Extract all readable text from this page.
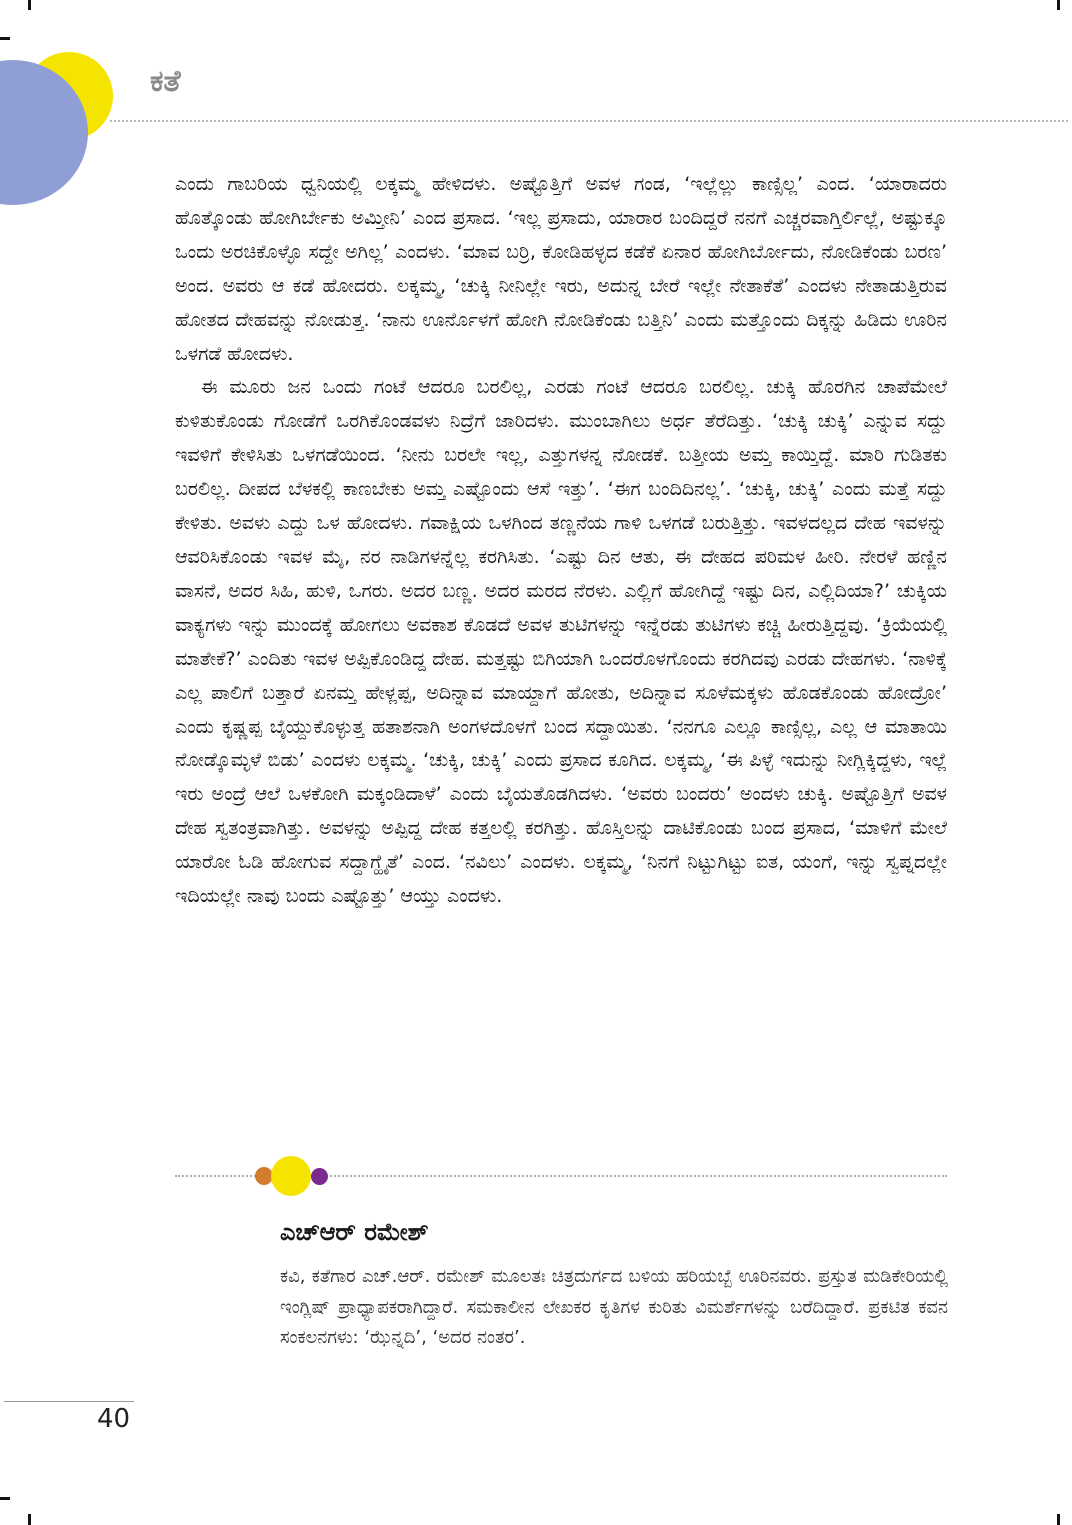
ಕತೆ

ಎಂದು ಗಾಬರಿಯ ಧ್ವನಿಯಲ್ಲಿ ಲಕ್ಕಮ್ಮ ಹೇಳಿದಳು. ಅಷ್ಟೊತ್ತಿಗೆ ಅವಳ ಗಂಡ, ‘ಇಲ್ಲೆಲ್ಲು ಕಾಣ್ಸಿಲ್ಲ’ ಎಂದ. ‘ಯಾರಾದರು ಹೊತ್ಕೊಂಡು ಹೋಗಿರ್ಬೇಕು ಅಮ್ತೀನಿ’ ಎಂದ ಪ್ರಸಾದ. ‘ಇಲ್ಲ ಪ್ರಸಾದು, ಯಾರಾರ ಬಂದಿದ್ದರೆ ನನಗೆ ಎಚ್ಚರವಾಗ್ತಿರ್ಲಿಲ್ಲೆ, ಅಷ್ಟುಕ್ಕೂ ಒಂದು ಅರಚಿಕೊಳ್ಳೊ ಸದ್ದೇ ಅಗಿಲ್ಲ’ ಎಂದಳು. ‘ಮಾವ ಬರ್ರಿ, ಕೋಡಿಹಳ್ಳದ ಕಡೆಕೆ ಏನಾರ ಹೋಗಿರ್ಬೋದು, ನೋಡಿಕೆಂಡು ಬರಣ’ ಅಂದ. ಅವರು ಆ ಕಡೆ ಹೋದರು. ಲಕ್ಕಮ್ಮ, ‘ಚುಕ್ಕಿ ನೀನಿಲ್ಲೇ ಇರು, ಅದುನ್ನ ಬೇರೆ ಇಲ್ಲೇ ನೇತಾಕೆತೆ’ ಎಂದಳು ನೇತಾಡುತ್ತಿರುವ ಹೋತದ ದೇಹವನ್ನು ನೋಡುತ್ತ. ‘ನಾನು ಊರ್ನೊಳಗೆ ಹೋಗಿ ನೋಡಿಕೆಂಡು ಬತ್ತಿನಿ’ ಎಂದು ಮತ್ತೊಂದು ದಿಕ್ಕನ್ನು ಹಿಡಿದು ಊರಿನ ಒಳಗಡೆ ಹೋದಳು.

ಈ ಮೂರು ಜನ ಒಂದು ಗಂಟೆ ಆದರೂ ಬರಲಿಲ್ಲ, ಎರಡು ಗಂಟೆ ಆದರೂ ಬರಲಿಲ್ಲ. ಚುಕ್ಕಿ ಹೊರಗಿನ ಚಾಪೆಮೇಲೆ ಕುಳಿತುಕೊಂಡು ಗೋಡೆಗೆ ಒರಗಿಕೊಂಡವಳು ನಿದ್ರೆಗೆ ಜಾರಿದಳು. ಮುಂಬಾಗಿಲು ಅರ್ಧ ತೆರೆದಿತ್ತು. ‘ಚುಕ್ಕಿ ಚುಕ್ಕಿ’ ಎನ್ನುವ ಸದ್ದು ಇವಳಿಗೆ ಕೇಳಿಸಿತು ಒಳಗಡೆಯಿಂದ. ‘ನೀನು ಬರಲೇ ಇಲ್ಲ, ಎತ್ತುಗಳನ್ನ ನೋಡಕೆ. ಬತ್ತೀಯ ಅಮ್ತ ಕಾಯ್ತಿದ್ದೆ. ಮಾರಿ ಗುಡಿತಕು ಬರಲಿಲ್ಲ. ದೀಪದ ಬೆಳಕಲ್ಲಿ ಕಾಣಬೇಕು ಅಮ್ತ ಎಷ್ಟೊಂದು ಆಸೆ ಇತ್ತು’. ‘ಈಗ ಬಂದಿದಿನಲ್ಲ’. ‘ಚುಕ್ಕಿ, ಚುಕ್ಕಿ’ ಎಂದು ಮತ್ತೆ ಸದ್ದು ಕೇಳಿತು. ಅವಳು ಎದ್ದು ಒಳ ಹೋದಳು. ಗವಾಕ್ಷಿಯ ಒಳಗಿಂದ ತಣ್ಣನೆಯ ಗಾಳಿ ಒಳಗಡೆ ಬರುತ್ತಿತ್ತು. ಇವಳದಲ್ಲದ ದೇಹ ಇವಳನ್ನು ಆವರಿಸಿಕೊಂಡು ಇವಳ ಮೈ, ನರ ನಾಡಿಗಳನ್ನೆಲ್ಲ ಕರಗಿಸಿತು. ‘ಎಷ್ಟು ದಿನ ಆತು, ಈ ದೇಹದ ಪರಿಮಳ ಹೀರಿ. ನೇರಳೆ ಹಣ್ಣಿನ ವಾಸನೆ, ಅದರ ಸಿಹಿ, ಹುಳಿ, ಒಗರು. ಅದರ ಬಣ್ಣ. ಅದರ ಮರದ ನೆರಳು. ಎಲ್ಲಿಗೆ ಹೋಗಿದ್ದೆ ಇಷ್ಟು ದಿನ, ಎಲ್ಲಿದಿಯಾ?’ ಚುಕ್ಕಿಯ ವಾಕ್ಯಗಳು ಇನ್ನು ಮುಂದಕ್ಕೆ ಹೋಗಲು ಅವಕಾಶ ಕೊಡದೆ ಅವಳ ತುಟಿಗಳನ್ನು ಇನ್ನೆರಡು ತುಟಿಗಳು ಕಚ್ಚಿ ಹೀರುತ್ತಿದ್ದವು. ‘ಕ್ರಿಯೆಯಲ್ಲಿ ಮಾತೇಕೆ?’ ಎಂದಿತು ಇವಳ ಅಪ್ಪಿಕೊಂಡಿದ್ದ ದೇಹ. ಮತ್ತಷ್ಟು ಬಿಗಿಯಾಗಿ ಒಂದರೊಳಗೊಂದು ಕರಗಿದವು ಎರಡು ದೇಹಗಳು. ‘ನಾಳಿಕ್ಕೆ ಎಲ್ಲ ಪಾಲಿಗೆ ಬತ್ತಾರೆ ಏನಮ್ತ ಹೇಳ್ಲಪ್ಪ, ಅದಿನ್ನಾವ ಮಾಯ್ದಾಗೆ ಹೋತು, ಅದಿನ್ನಾವ ಸೂಳೆಮಕ್ಕಳು ಹೊಡಕೊಂಡು ಹೋದ್ರೋ’ ಎಂದು ಕೃಷ್ಣಪ್ಪ ಬೈಯ್ದುಕೊಳ್ಳುತ್ತ ಹತಾಶನಾಗಿ ಅಂಗಳದೊಳಗೆ ಬಂದ ಸದ್ದಾಯಿತು. ‘ನನಗೂ ಎಲ್ಲೂ ಕಾಣ್ಸಿಲ್ಲ, ಎಲ್ಲ ಆ ಮಾತಾಯಿ ನೋಡ್ಕೊಮ್ಳಳೆ ಬಿಡು’ ಎಂದಳು ಲಕ್ಕಮ್ಮ. ‘ಚುಕ್ಕಿ, ಚುಕ್ಕಿ’ ಎಂದು ಪ್ರಸಾದ ಕೂಗಿದ. ಲಕ್ಕಮ್ಮ, ‘ಈ ಪಿಳ್ಳೆ ಇದುನ್ನು ನೀಗ್ಲಿಕ್ಕಿದ್ದಳು, ಇಲ್ಲೆ ಇರು ಅಂದ್ರೆ ಆಲೆ ಒಳಕೋಗಿ ಮಕ್ಕಂಡಿದಾಳೆ’ ಎಂದು ಬೈಯತೊಡಗಿದಳು. ‘ಅವರು ಬಂದರು’ ಅಂದಳು ಚುಕ್ಕಿ. ಅಷ್ಟೊತ್ತಿಗೆ ಅವಳ ದೇಹ ಸ್ವತಂತ್ರವಾಗಿತ್ತು. ಅವಳನ್ನು ಅಪ್ಪಿದ್ದ ದೇಹ ಕತ್ತಲಲ್ಲಿ ಕರಗಿತ್ತು. ಹೊಸ್ತಿಲನ್ನು ದಾಟಿಕೊಂಡು ಬಂದ ಪ್ರಸಾದ, ‘ಮಾಳಿಗೆ ಮೇಲೆ ಯಾರೋ ಓಡಿ ಹೋಗುವ ಸದ್ದಾಗ್ಹೈತೆ’ ಎಂದ. ‘ನವಿಲು’ ಎಂದಳು. ಲಕ್ಕಮ್ಮ, ‘ನಿನಗೆ ನಿಟ್ಟುಗಿಟ್ಟು ಐತ, ಯಂಗೆ, ಇನ್ನು ಸ್ವಪ್ನದಲ್ಲೇ ಇದಿಯಲ್ಲೇ ನಾವು ಬಂದು ಎಷ್ಟೊತ್ತು’ ಆಯ್ತು ಎಂದಳು.

ಎಚ್‌ಆರ್ ರಮೇಶ್

ಕವಿ, ಕತೆಗಾರ ಎಚ್.ಆರ್. ರಮೇಶ್ ಮೂಲತಃ ಚಿತ್ರದುರ್ಗದ ಬಳಿಯ ಹರಿಯಬ್ಬೆ ಊರಿನವರು. ಪ್ರಸ್ತುತ ಮಡಿಕೇರಿಯಲ್ಲಿ ಇಂಗ್ಲಿಷ್ ಪ್ರಾಧ್ಯಾಪಕರಾಗಿದ್ದಾರೆ. ಸಮಕಾಲೀನ ಲೇಖಕರ ಕೃತಿಗಳ ಕುರಿತು ವಿಮರ್ಶೆಗಳನ್ನು ಬರೆದಿದ್ದಾರೆ. ಪ್ರಕಟಿತ ಕವನ ಸಂಕಲನಗಳು: ‘ಝೆನ್ನದಿ’, ‘ಅದರ ನಂತರ’.

40
